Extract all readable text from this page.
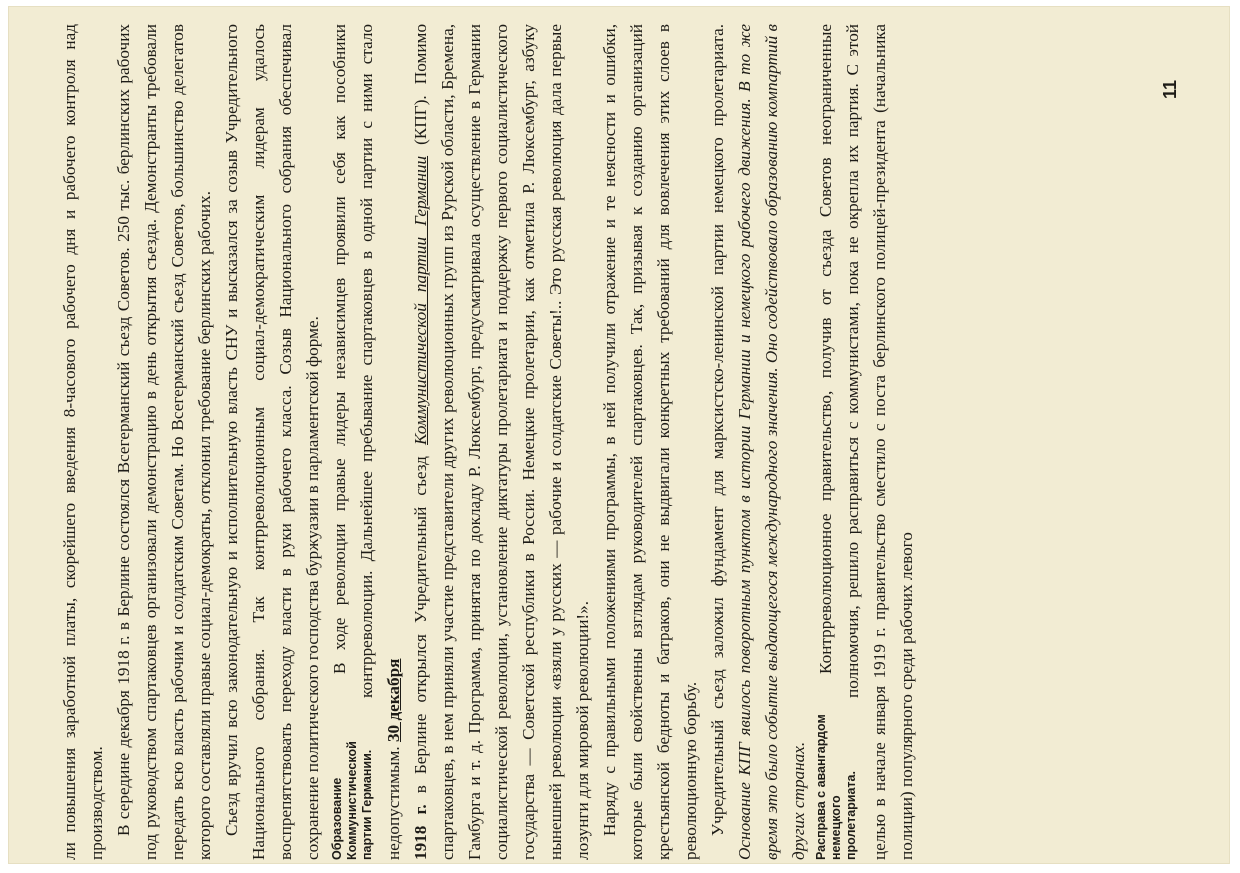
ли повышения заработной платы, скорейшего введения 8-часового рабочего дня и рабочего контроля над производством. В середине декабря 1918 г. в Берлине состоялся Всегерманский съезд Советов. 250 тыс. берлинских рабочих под руководством спартаковцев организовали демонстрацию в день открытия съезда. Демонстранты требовали передать всю власть рабочим и солдатским Советам. Но Всегерманский съезд Советов, большинство делегатов которого составляли правые социал-демократы, отклонил требование берлинских рабочих. Съезд вручил всю законодательную и исполнительную власть СНУ и высказался за созыв Учредительного Национального собрания. Так контрреволюционным социал-демократическим лидерам удалось воспрепятствовать переходу власти в руки рабочего класса. Созыв Национального собрания обеспечивал сохранение политического господства буржуазии в парламентской форме. Образование Коммунистической партии Германии.

В ходе революции правые лидеры независимцев проявили себя как пособники контрреволюции. Дальнейшее пребывание спартаковцев в одной партии с ними стало недопустимым. 30 декабря

1918 г. в Берлине открылся Учредительный съезд Коммунистической партии Германии (КПГ). Помимо спартаковцев, в нем приняли участие представители других революционных групп из Рурской области, Бремена, Гамбурга и т. д. Программа, принятая по докладу Р. Люксембург, предусматривала осуществление в Германии социалистической революции, установление диктатуры пролетариата и поддержку первого социалистического государства — Советской республики в России. Немецкие пролетарии, как отметила Р. Люксембург, азбуку нынешней революции «взяли у русских — рабочие и солдатские Советы!.. Это русская революция дала первые лозунги для мировой революции!». Наряду с правильными положениями программы, в ней получили отражение и те неясности и ошибки, которые были свойственны взглядам руководителей спартаковцев. Так, призывая к созданию организаций крестьянской бедноты и батраков, они не выдвигали конкретных требований для вовлечения этих слоев в революционную борьбу. Учредительный съезд заложил фундамент для марксистско-ленинской партии немецкого пролетариата. Основание КПГ явилось поворотным пунктом в истории Германии и немецкого рабочего движения. В то же время это было событие выдающегося международного значения. Оно содействовало образованию компартий в других странах. Расправа с авангардом немецкого пролетариата.

Контрреволюционное правительство, получив от съезда Советов неограниченные полномочия, решило расправиться с коммунистами, пока не окрепла их партия. С этой целью в начале января 1919 г. правительство сместило с поста берлинского полицей-президента (начальника полиции) популярного среди рабочих левого

11
